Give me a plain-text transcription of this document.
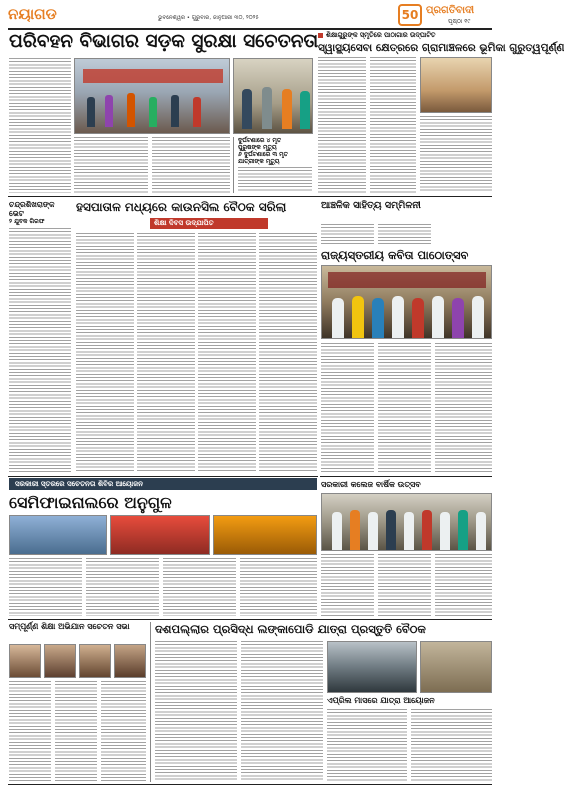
ନୟାଗଡ	ଭୁବନେଶ୍ୱର • ଗୁରୁବାର, ଜାନୁଆରୀ ୩୦, ୨୦୨୫	50 ପ୍ରଗତିବାଦୀ
ପୃଷ୍ଠା ୧୯
ପରିବହନ ବିଭାଗର ସଡ଼କ ସୁରକ୍ଷା ସଚେତନତା
ଦୁର୍ଘଟଣାରେ ୪ ମୃତ
ପୁରୁଷଙ୍କ ମୃତ୍ୟୁ
୬ ଦୁର୍ଘଟଣାରେ ୩ ମୃତ
ଯାତ୍ରୀଙ୍କ ମୃତ୍ୟୁ
ଶିକ୍ଷାଗୁରୁଙ୍କ ସ୍ମୃତିରେ ପାଠାଗାର ଉଦ୍‌ଘାଟିତ
ସ୍ୱାସ୍ଥ୍ୟସେବା କ୍ଷେତ୍ରରେ ଗ୍ରାମାଞ୍ଚଳରେ ଭୂମିକା ଗୁରୁତ୍ୱପୂର୍ଣ୍ଣ
ଚନ୍ଦ୍ରଶିଖରାଙ୍କ ଭେଟ
୨ ଯୁବକ ଗିରଫ
ହସପାତାଳ ମଧ୍ୟରେ କାଉନସିଲ ବୈଠକ ସରିଲା
ଶିକ୍ଷା ଦିବସ ଉଦ୍‌ଯାପିତ
ଆଞ୍ଚଳିକ ସାହିତ୍ୟ ସମ୍ମିଳନୀ
ରାଜ୍ୟସ୍ତରୀୟ କବିତା ପାଠୋତ୍ସବ
ସରକାରୀ ସ୍ତରରେ ସଚେତନତା ଶିବିର ଆୟୋଜନ
ସେମିଫାଇନାଲରେ ଅନୁଗୁଳ
ସରକାରୀ କଲେଜ ବାର୍ଷିକ ଉତ୍ସବ
ସମ୍ପୂର୍ଣ୍ଣ ଶିକ୍ଷା ଅଭିଯାନ ସଚେତନ ସଭା	ଦଶପଲ୍ଲାର ପ୍ରସିଦ୍ଧ ଲଙ୍କାପୋଡି ଯାତ୍ରା ପ୍ରସ୍ତୁତି ବୈଠକ
ଏପ୍ରିଲ ମାସରେ ଯାତ୍ରା ଆୟୋଜନ
